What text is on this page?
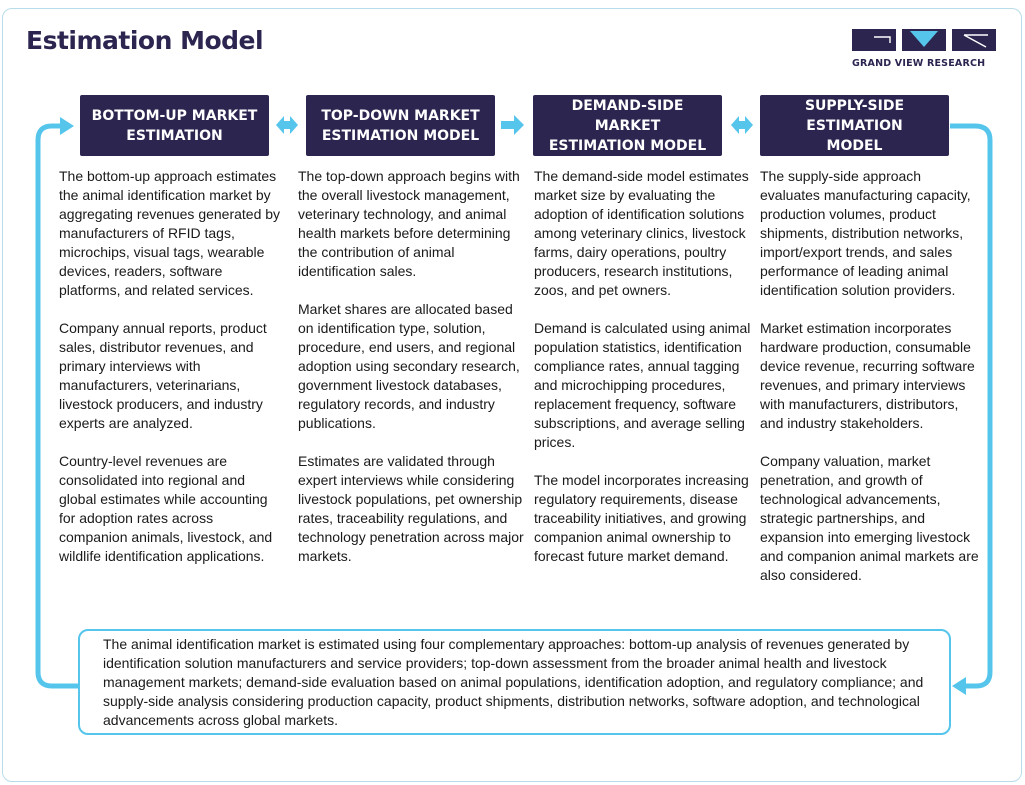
Estimation Model
GRAND VIEW RESEARCH
BOTTOM-UP MARKET
ESTIMATION
TOP-DOWN MARKET
ESTIMATION MODEL
DEMAND-SIDE MARKET
ESTIMATION MODEL
SUPPLY-SIDE ESTIMATION
MODEL

The bottom-up approach estimates the animal identification market by aggregating revenues generated by manufacturers of RFID tags, microchips, visual tags, wearable devices, readers, software platforms, and related services.

Company annual reports, product sales, distributor revenues, and primary interviews with manufacturers, veterinarians, livestock producers, and industry experts are analyzed.

Country-level revenues are consolidated into regional and global estimates while accounting for adoption rates across companion animals, livestock, and wildlife identification applications.

The top-down approach begins with the overall livestock management, veterinary technology, and animal health markets before determining the contribution of animal identification sales.

Market shares are allocated based on identification type, solution, procedure, end users, and regional adoption using secondary research, government livestock databases, regulatory records, and industry publications.

Estimates are validated through expert interviews while considering livestock populations, pet ownership rates, traceability regulations, and technology penetration across major markets.

The demand-side model estimates market size by evaluating the adoption of identification solutions among veterinary clinics, livestock farms, dairy operations, poultry producers, research institutions, zoos, and pet owners.

Demand is calculated using animal population statistics, identification compliance rates, annual tagging and microchipping procedures, replacement frequency, software subscriptions, and average selling prices.

The model incorporates increasing regulatory requirements, disease traceability initiatives, and growing companion animal ownership to forecast future market demand.

The supply-side approach evaluates manufacturing capacity, production volumes, product shipments, distribution networks, import/export trends, and sales performance of leading animal identification solution providers.

Market estimation incorporates hardware production, consumable device revenue, recurring software revenues, and primary interviews with manufacturers, distributors, and industry stakeholders.

Company valuation, market penetration, and growth of technological advancements, strategic partnerships, and expansion into emerging livestock and companion animal markets are also considered.

The animal identification market is estimated using four complementary approaches: bottom-up analysis of revenues generated by identification solution manufacturers and service providers; top-down assessment from the broader animal health and livestock management markets; demand-side evaluation based on animal populations, identification adoption, and regulatory compliance; and supply-side analysis considering production capacity, product shipments, distribution networks, software adoption, and technological advancements across global markets.
